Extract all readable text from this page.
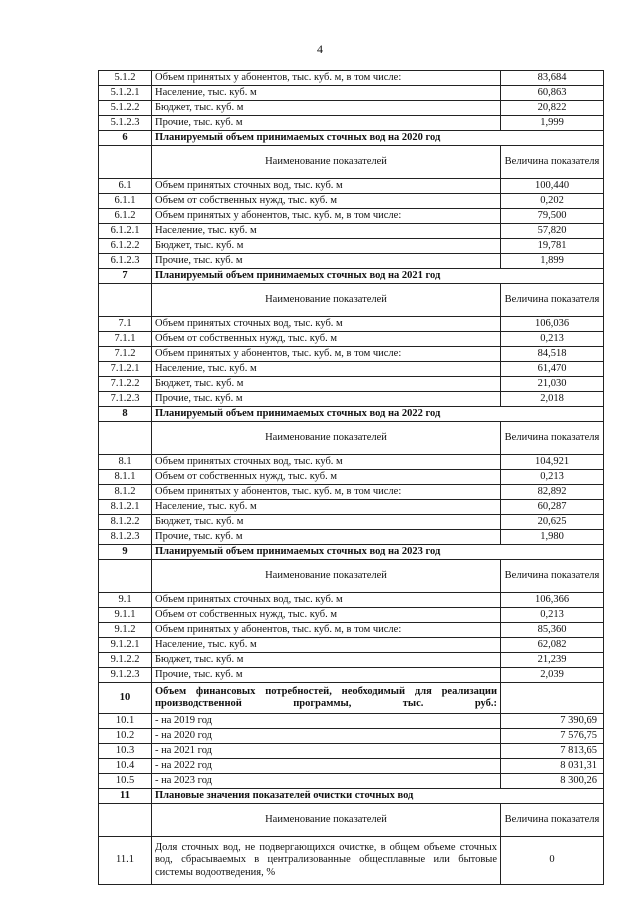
4
5.1.2	Объем принятых у абонентов, тыс. куб. м, в том числе:	83,684
5.1.2.1	Население, тыс. куб. м	60,863
5.1.2.2	Бюджет, тыс. куб. м	20,822
5.1.2.3	Прочие, тыс. куб. м	1,999
6	Планируемый объем принимаемых сточных вод на 2020 год	
	Наименование показателей	Величина показателя
6.1	Объем принятых сточных вод, тыс. куб. м	100,440
6.1.1	Объем от собственных нужд, тыс. куб. м	0,202
6.1.2	Объем принятых у абонентов, тыс. куб. м, в том числе:	79,500
6.1.2.1	Население, тыс. куб. м	57,820
6.1.2.2	Бюджет, тыс. куб. м	19,781
6.1.2.3	Прочие, тыс. куб. м	1,899
7	Планируемый объем принимаемых сточных вод на 2021 год	
	Наименование показателей	Величина показателя
7.1	Объем принятых сточных вод, тыс. куб. м	106,036
7.1.1	Объем от собственных нужд, тыс. куб. м	0,213
7.1.2	Объем принятых у абонентов, тыс. куб. м, в том числе:	84,518
7.1.2.1	Население, тыс. куб. м	61,470
7.1.2.2	Бюджет, тыс. куб. м	21,030
7.1.2.3	Прочие, тыс. куб. м	2,018
8	Планируемый объем принимаемых сточных вод на 2022 год	
	Наименование показателей	Величина показателя
8.1	Объем принятых сточных вод, тыс. куб. м	104,921
8.1.1	Объем от собственных нужд, тыс. куб. м	0,213
8.1.2	Объем принятых у абонентов, тыс. куб. м, в том числе:	82,892
8.1.2.1	Население, тыс. куб. м	60,287
8.1.2.2	Бюджет, тыс. куб. м	20,625
8.1.2.3	Прочие, тыс. куб. м	1,980
9	Планируемый объем принимаемых сточных вод на 2023 год	
	Наименование показателей	Величина показателя
9.1	Объем принятых сточных вод, тыс. куб. м	106,366
9.1.1	Объем от собственных нужд, тыс. куб. м	0,213
9.1.2	Объем принятых у абонентов, тыс. куб. м, в том числе:	85,360
9.1.2.1	Население, тыс. куб. м	62,082
9.1.2.2	Бюджет, тыс. куб. м	21,239
9.1.2.3	Прочие, тыс. куб. м	2,039
10	Объем финансовых потребностей, необходимый для реализации производственной программы, тыс. руб.:	
10.1	- на 2019 год	7 390,69
10.2	- на 2020 год	7 576,75
10.3	- на 2021 год	7 813,65
10.4	- на 2022 год	8 031,31
10.5	- на 2023 год	8 300,26
11	Плановые значения показателей очистки сточных вод	
	Наименование показателей	Величина показателя
11.1	Доля сточных вод, не подвергающихся очистке, в общем объеме сточных вод, сбрасываемых в централизованные общесплавные или бытовые системы водоотведения, %	0
